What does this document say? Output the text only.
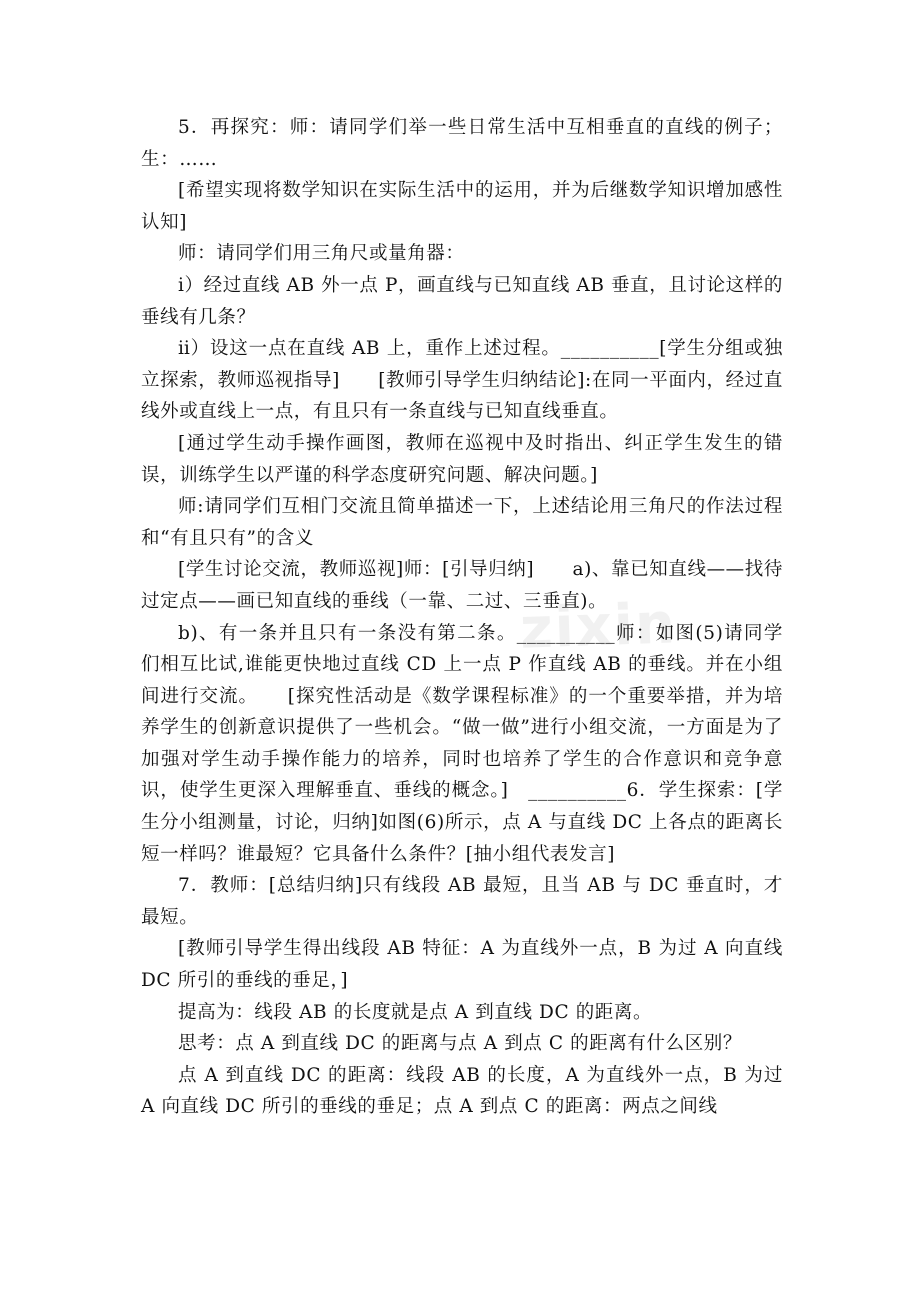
zixin

5．再探究：师：请同学们举一些日常生活中互相垂直的直线的例子；生：……

[希望实现将数学知识在实际生活中的运用，并为后继数学知识增加感性认知]

师：请同学们用三角尺或量角器：

ⅰ）经过直线 AB 外一点 P，画直线与已知直线 AB 垂直，且讨论这样的垂线有几条？

ⅱ）设这一点在直线 AB 上，重作上述过程。__________[学生分组或独立探索，教师巡视指导]　　[教师引导学生归纳结论]:在同一平面内，经过直线外或直线上一点，有且只有一条直线与已知直线垂直。

[通过学生动手操作画图，教师在巡视中及时指出、纠正学生发生的错误，训练学生以严谨的科学态度研究问题、解决问题。]

师:请同学们互相门交流且简单描述一下，上述结论用三角尺的作法过程和“有且只有”的含义

[学生讨论交流，教师巡视]师：[引导归纳]　　a)、靠已知直线——找待过定点——画已知直线的垂线（一靠、二过、三垂直)。

b)、有一条并且只有一条没有第二条。__________师：如图(5)请同学们相互比试,谁能更快地过直线 CD 上一点 P 作直线 AB 的垂线。并在小组间进行交流。　　[探究性活动是《数学课程标准》的一个重要举措，并为培养学生的创新意识提供了一些机会。“做一做”进行小组交流，一方面是为了加强对学生动手操作能力的培养，同时也培养了学生的合作意识和竞争意识，使学生更深入理解垂直、垂线的概念。]　__________6．学生探索：[学生分小组测量，讨论，归纳]如图(6)所示，点 A 与直线 DC 上各点的距离长短一样吗？谁最短？它具备什么条件？[抽小组代表发言]

7．教师：[总结归纳]只有线段 AB 最短，且当 AB 与 DC 垂直时，才最短。

[教师引导学生得出线段 AB 特征：A 为直线外一点，B 为过 A 向直线 DC 所引的垂线的垂足，]

提高为：线段 AB 的长度就是点 A 到直线 DC 的距离。

思考：点 A 到直线 DC 的距离与点 A 到点 C 的距离有什么区别？

点 A 到直线 DC 的距离：线段 AB 的长度，A 为直线外一点，B 为过 A 向直线 DC 所引的垂线的垂足；点 A 到点 C 的距离：两点之间线
